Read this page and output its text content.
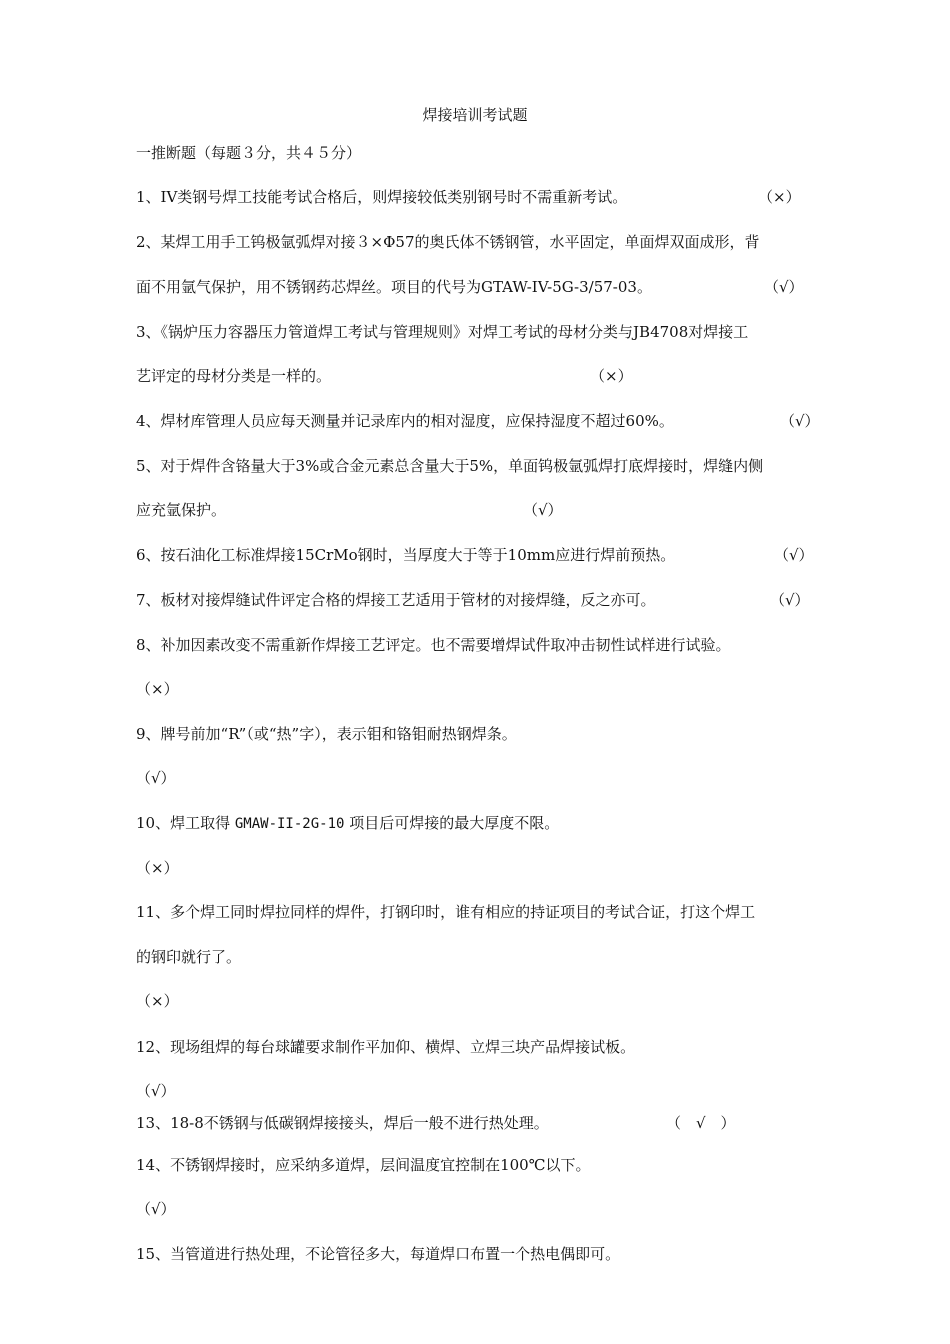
焊接培训考试题
一推断题（每题３分，共４５分）
1、IV类钢号焊工技能考试合格后，则焊接较低类别钢号时不需重新考试。	（×）
2、某焊工用手工钨极氩弧焊对接３×Φ57的奥氏体不锈钢管，水平固定，单面焊双面成形，背
面不用氩气保护，用不锈钢药芯焊丝。项目的代号为GTAW-IV-5G-3/57-03。	（√）
3、《锅炉压力容器压力管道焊工考试与管理规则》对焊工考试的母材分类与JB4708对焊接工
艺评定的母材分类是一样的。	（×）
4、焊材库管理人员应每天测量并记录库内的相对湿度，应保持湿度不超过60%。	（√）
5、对于焊件含铬量大于3%或合金元素总含量大于5%，单面钨极氩弧焊打底焊接时，焊缝内侧
应充氩保护。	（√）
6、按石油化工标准焊接15CrMo钢时，当厚度大于等于10mm应进行焊前预热。	（√）
7、板材对接焊缝试件评定合格的焊接工艺适用于管材的对接焊缝，反之亦可。	（√）
8、补加因素改变不需重新作焊接工艺评定。也不需要增焊试件取冲击韧性试样进行试验。
（×）
9、牌号前加“R”（或“热”字），表示钼和铬钼耐热钢焊条。
（√）
10、焊工取得 GMAW-II-2G-10 项目后可焊接的最大厚度不限。
（×）
11、多个焊工同时焊拉同样的焊件，打钢印时，谁有相应的持证项目的考试合证，打这个焊工
的钢印就行了。
（×）
12、现场组焊的每台球罐要求制作平加仰、横焊、立焊三块产品焊接试板。
（√）
13、18-8不锈钢与低碳钢焊接接头，焊后一般不进行热处理。	（　√　）
14、不锈钢焊接时，应采纳多道焊，层间温度宜控制在100℃以下。
（√）
15、当管道进行热处理，不论管径多大，每道焊口布置一个热电偶即可。
